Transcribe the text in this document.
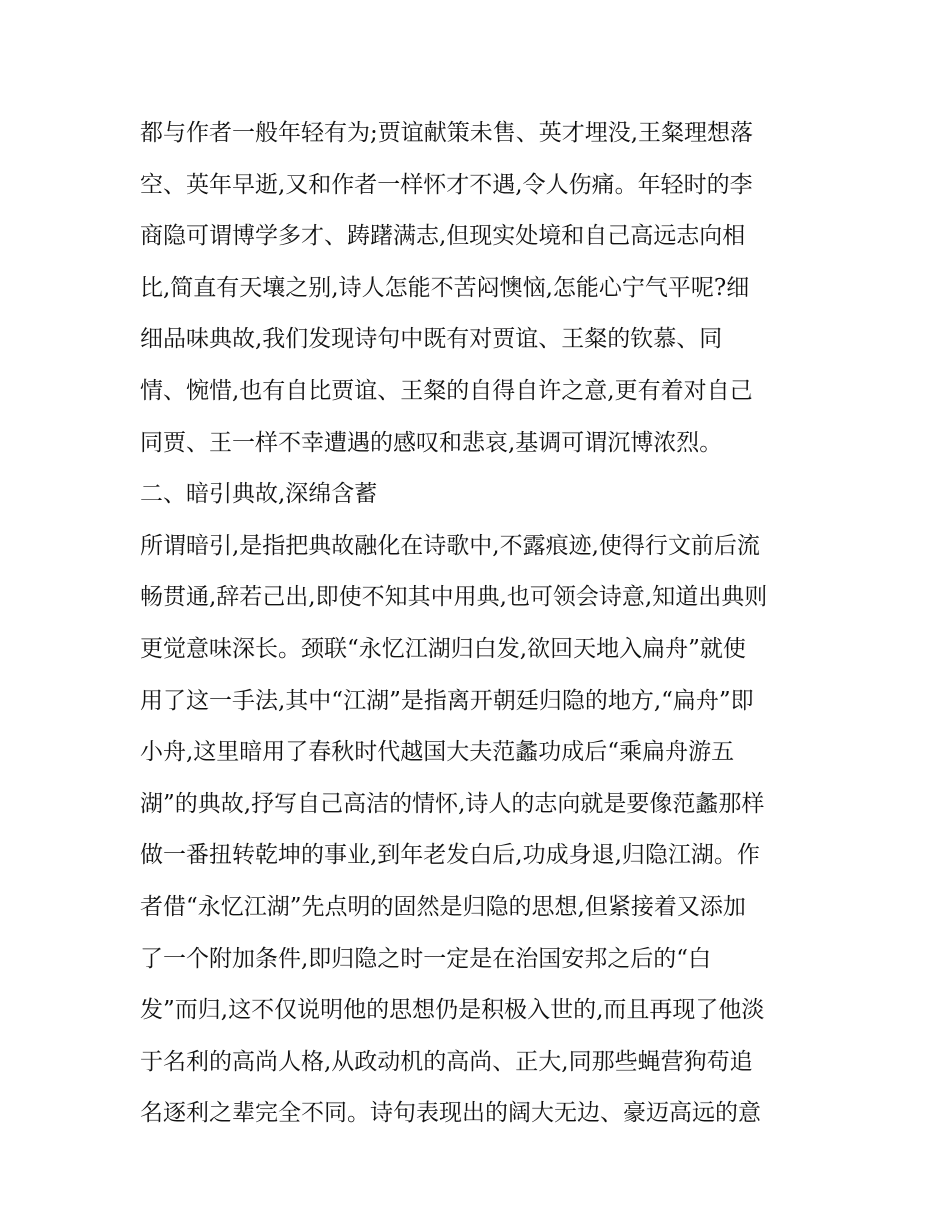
都与作者一般年轻有为;贾谊献策未售、英才埋没,王粲理想落
空、英年早逝,又和作者一样怀才不遇,令人伤痛。年轻时的李
商隐可谓博学多才、踌躇满志,但现实处境和自己高远志向相
比,简直有天壤之别,诗人怎能不苦闷懊恼,怎能心宁气平呢?细
细品味典故,我们发现诗句中既有对贾谊、王粲的钦慕、同
情、惋惜,也有自比贾谊、王粲的自得自许之意,更有着对自己
同贾、王一样不幸遭遇的感叹和悲哀,基调可谓沉博浓烈。
二、暗引典故,深绵含蓄
所谓暗引,是指把典故融化在诗歌中,不露痕迹,使得行文前后流
畅贯通,辞若己出,即使不知其中用典,也可领会诗意,知道出典则
更觉意味深长。颈联“永忆江湖归白发,欲回天地入扁舟”就使
用了这一手法,其中“江湖”是指离开朝廷归隐的地方,“扁舟”即
小舟,这里暗用了春秋时代越国大夫范蠡功成后“乘扁舟游五
湖”的典故,抒写自己高洁的情怀,诗人的志向就是要像范蠡那样
做一番扭转乾坤的事业,到年老发白后,功成身退,归隐江湖。作
者借“永忆江湖”先点明的固然是归隐的思想,但紧接着又添加
了一个附加条件,即归隐之时一定是在治国安邦之后的“白
发”而归,这不仅说明他的思想仍是积极入世的,而且再现了他淡
于名利的高尚人格,从政动机的高尚、正大,同那些蝇营狗苟追
名逐利之辈完全不同。诗句表现出的阔大无边、豪迈高远的意
